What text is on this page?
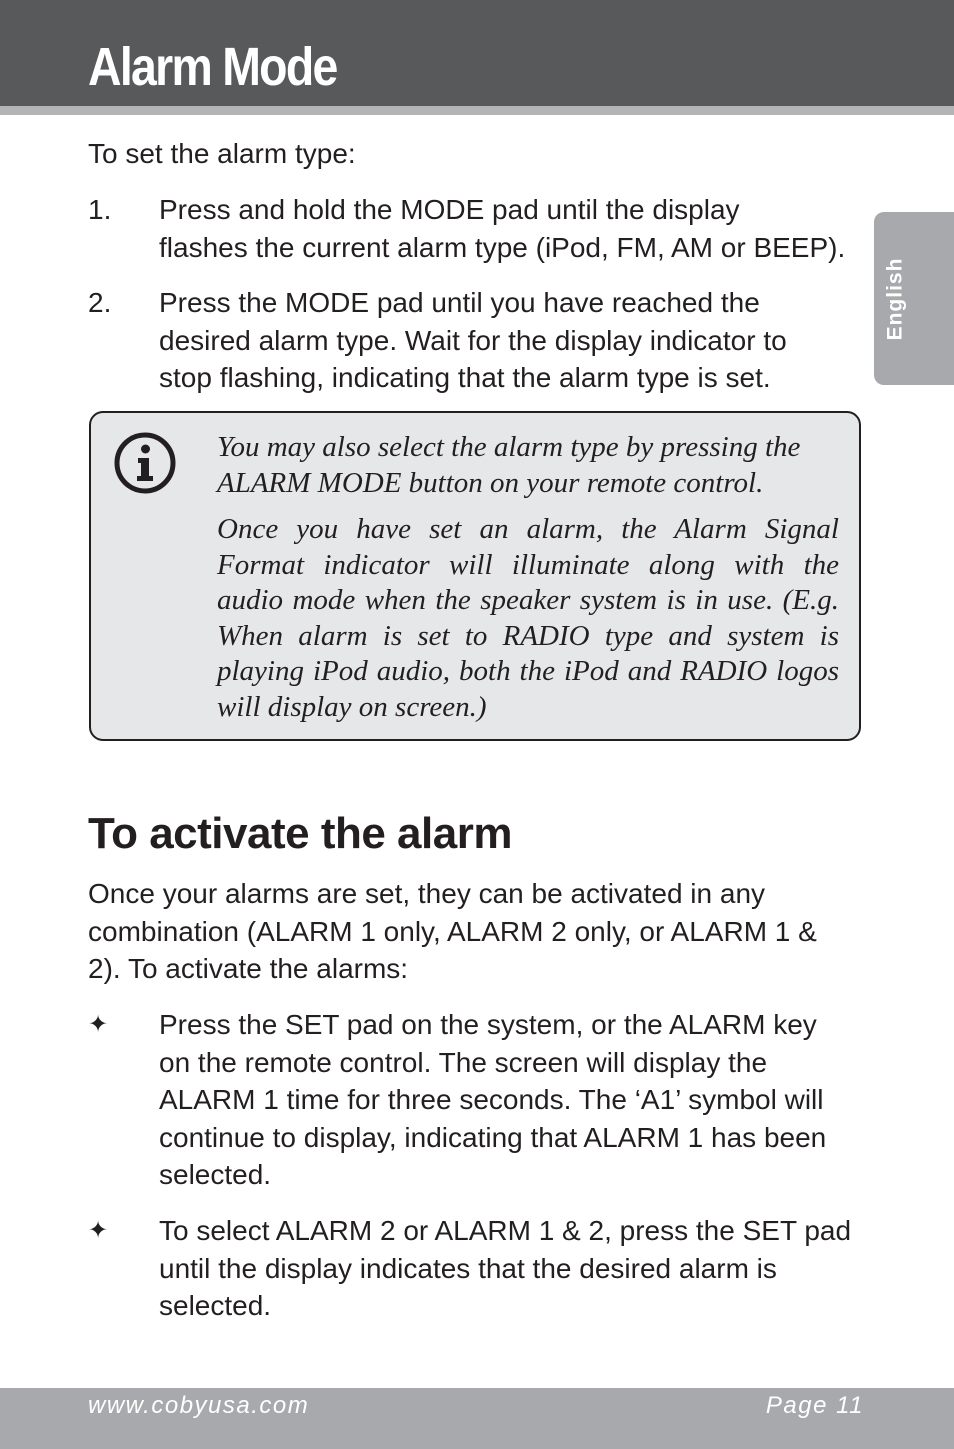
Alarm Mode
English
To set the alarm type:
1. Press and hold the MODE pad until the display
flashes the current alarm type (iPod, FM, AM or BEEP).
2. Press the MODE pad until you have reached the
desired alarm type. Wait for the display indicator to
stop flashing, indicating that the alarm type is set.
You may also select the alarm type by pressing the ALARM MODE button on your remote control.
Once you have set an alarm, the Alarm Signal Format indicator will illuminate along with the audio mode when the speaker system is in use. (E.g. When alarm is set to RADIO type and system is playing iPod audio, both the iPod and RADIO logos will display on screen.)
To activate the alarm
Once your alarms are set, they can be activated in any
combination (ALARM 1 only, ALARM 2 only, or ALARM 1 &
2). To activate the alarms:
✦ Press the SET pad on the system, or the ALARM key
on the remote control. The screen will display the
ALARM 1 time for three seconds. The ‘A1’ symbol will
continue to display, indicating that ALARM 1 has been
selected.
✦ To select ALARM 2 or ALARM 1 & 2, press the SET pad
until the display indicates that the desired alarm is
selected.
www.cobyusa.com	Page 11
